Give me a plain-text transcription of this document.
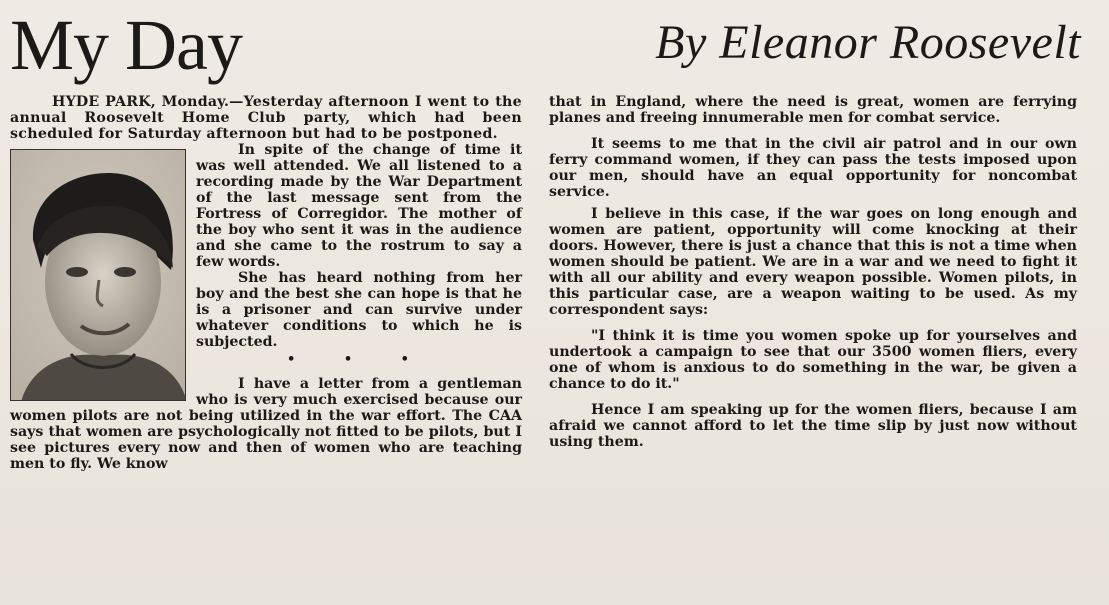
My Day	By Eleanor Roosevelt

HYDE PARK, Monday.—Yesterday afternoon I went to the annual Roosevelt Home Club party, which had been scheduled for Saturday afternoon but had to be postponed.

In spite of the change of time it was well attended. We all listened to a recording made by the War Department of the last message sent from the Fortress of Corregidor. The mother of the boy who sent it was in the audience and she came to the rostrum to say a few words.

She has heard nothing from her boy and the best she can hope is that he is a prisoner and can survive under whatever conditions to which he is subjected.

• • •

I have a letter from a gentleman who is very much exercised because our women pilots are not being utilized in the war effort. The CAA says that women are psychologically not fitted to be pilots, but I see pictures every now and then of women who are teaching men to fly. We know

that in England, where the need is great, women are ferrying planes and freeing innumerable men for combat service.

It seems to me that in the civil air patrol and in our own ferry command women, if they can pass the tests imposed upon our men, should have an equal opportunity for noncombat service.

I believe in this case, if the war goes on long enough and women are patient, opportunity will come knocking at their doors. However, there is just a chance that this is not a time when women should be patient. We are in a war and we need to fight it with all our ability and every weapon possible. Women pilots, in this particular case, are a weapon waiting to be used. As my correspondent says:

"I think it is time you women spoke up for yourselves and undertook a campaign to see that our 3500 women fliers, every one of whom is anxious to do something in the war, be given a chance to do it."

Hence I am speaking up for the women fliers, because I am afraid we cannot afford to let the time slip by just now without using them.
